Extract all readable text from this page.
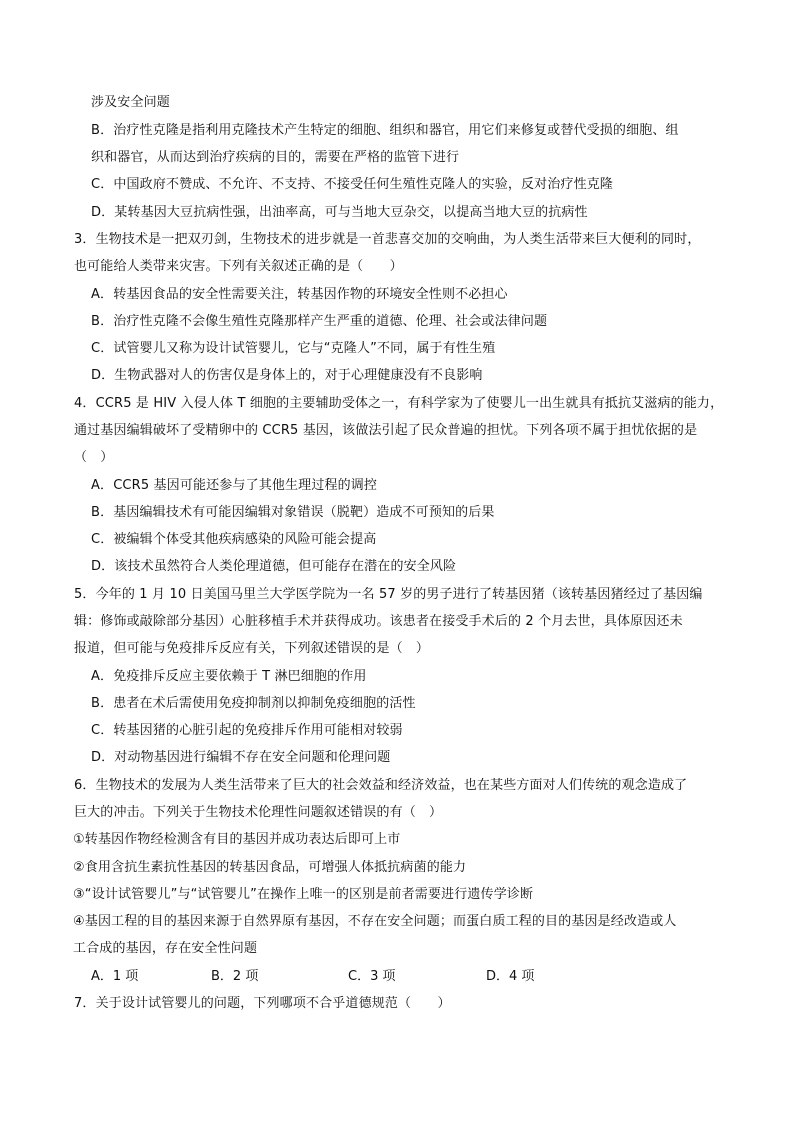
涉及安全问题
B．治疗性克隆是指利用克隆技术产生特定的细胞、组织和器官，用它们来修复或替代受损的细胞、组
织和器官，从而达到治疗疾病的目的，需要在严格的监管下进行
C．中国政府不赞成、不允许、不支持、不接受任何生殖性克隆人的实验，反对治疗性克隆
D．某转基因大豆抗病性强，出油率高，可与当地大豆杂交，以提高当地大豆的抗病性
3．生物技术是一把双刃剑，生物技术的进步就是一首悲喜交加的交响曲，为人类生活带来巨大便利的同时，
也可能给人类带来灾害。下列有关叙述正确的是（　　）
A．转基因食品的安全性需要关注，转基因作物的环境安全性则不必担心
B．治疗性克隆不会像生殖性克隆那样产生严重的道德、伦理、社会或法律问题
C．试管婴儿又称为设计试管婴儿，它与“克隆人”不同，属于有性生殖
D．生物武器对人的伤害仅是身体上的，对于心理健康没有不良影响
4．CCR5 是 HIV 入侵人体 T 细胞的主要辅助受体之一，有科学家为了使婴儿一出生就具有抵抗艾滋病的能力，
通过基因编辑破坏了受精卵中的 CCR5 基因，该做法引起了民众普遍的担忧。下列各项不属于担忧依据的是
（　）
A．CCR5 基因可能还参与了其他生理过程的调控
B．基因编辑技术有可能因编辑对象错误（脱靶）造成不可预知的后果
C．被编辑个体受其他疾病感染的风险可能会提高
D．该技术虽然符合人类伦理道德，但可能存在潜在的安全风险
5．今年的 1 月 10 日美国马里兰大学医学院为一名 57 岁的男子进行了转基因猪（该转基因猪经过了基因编
辑：修饰或敲除部分基因）心脏移植手术并获得成功。该患者在接受手术后的 2 个月去世，具体原因还未
报道，但可能与免疫排斥反应有关，下列叙述错误的是（　）
A．免疫排斥反应主要依赖于 T 淋巴细胞的作用
B．患者在术后需使用免疫抑制剂以抑制免疫细胞的活性
C．转基因猪的心脏引起的免疫排斥作用可能相对较弱
D．对动物基因进行编辑不存在安全问题和伦理问题
6．生物技术的发展为人类生活带来了巨大的社会效益和经济效益，也在某些方面对人们传统的观念造成了
巨大的冲击。下列关于生物技术伦理性问题叙述错误的有（　）
①转基因作物经检测含有目的基因并成功表达后即可上市
②食用含抗生素抗性基因的转基因食品，可增强人体抵抗病菌的能力
③“设计试管婴儿”与“试管婴儿”在操作上唯一的区别是前者需要进行遗传学诊断
④基因工程的目的基因来源于自然界原有基因，不存在安全问题；而蛋白质工程的目的基因是经改造或人
工合成的基因，存在安全性问题
A．1 项	B．2 项	C．3 项	D．4 项
7．关于设计试管婴儿的问题，下列哪项不合乎道德规范（　　）
